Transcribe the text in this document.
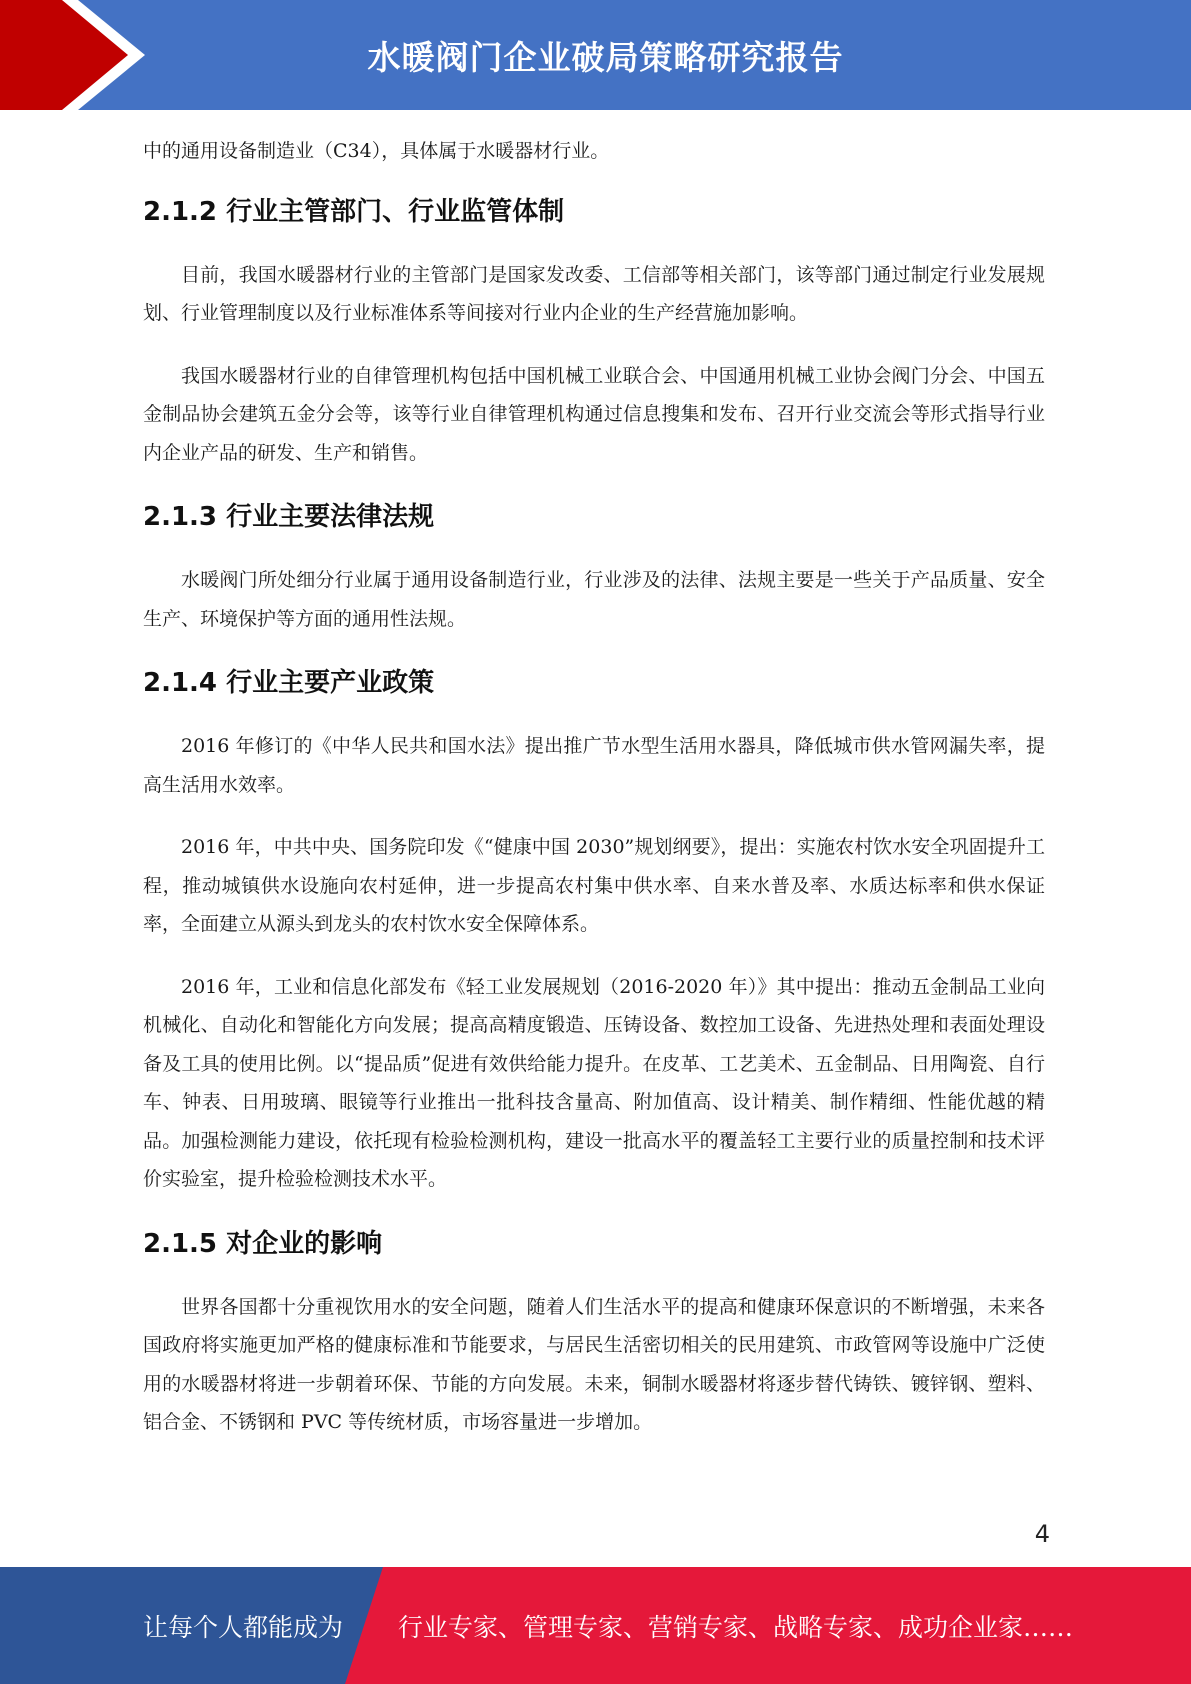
水暖阀门企业破局策略研究报告

中的通用设备制造业（C34），具体属于水暖器材行业。

2.1.2 行业主管部门、行业监管体制

目前，我国水暖器材行业的主管部门是国家发改委、工信部等相关部门，该等部门通过制定行业发展规划、行业管理制度以及行业标准体系等间接对行业内企业的生产经营施加影响。

我国水暖器材行业的自律管理机构包括中国机械工业联合会、中国通用机械工业协会阀门分会、中国五金制品协会建筑五金分会等，该等行业自律管理机构通过信息搜集和发布、召开行业交流会等形式指导行业内企业产品的研发、生产和销售。

2.1.3 行业主要法律法规

水暖阀门所处细分行业属于通用设备制造行业，行业涉及的法律、法规主要是一些关于产品质量、安全生产、环境保护等方面的通用性法规。

2.1.4 行业主要产业政策

2016 年修订的《中华人民共和国水法》提出推广节水型生活用水器具，降低城市供水管网漏失率，提高生活用水效率。

2016 年，中共中央、国务院印发《“健康中国 2030”规划纲要》，提出：实施农村饮水安全巩固提升工程，推动城镇供水设施向农村延伸，进一步提高农村集中供水率、自来水普及率、水质达标率和供水保证率，全面建立从源头到龙头的农村饮水安全保障体系。

2016 年，工业和信息化部发布《轻工业发展规划（2016-2020 年）》其中提出：推动五金制品工业向机械化、自动化和智能化方向发展；提高高精度锻造、压铸设备、数控加工设备、先进热处理和表面处理设备及工具的使用比例。以“提品质”促进有效供给能力提升。在皮革、工艺美术、五金制品、日用陶瓷、自行车、钟表、日用玻璃、眼镜等行业推出一批科技含量高、附加值高、设计精美、制作精细、性能优越的精品。加强检测能力建设，依托现有检验检测机构，建设一批高水平的覆盖轻工主要行业的质量控制和技术评价实验室，提升检验检测技术水平。

2.1.5 对企业的影响

世界各国都十分重视饮用水的安全问题，随着人们生活水平的提高和健康环保意识的不断增强，未来各国政府将实施更加严格的健康标准和节能要求，与居民生活密切相关的民用建筑、市政管网等设施中广泛使用的水暖器材将进一步朝着环保、节能的方向发展。未来，铜制水暖器材将逐步替代铸铁、镀锌钢、塑料、铝合金、不锈钢和 PVC 等传统材质，市场容量进一步增加。

4
让每个人都能成为 行业专家、管理专家、营销专家、战略专家、成功企业家……
